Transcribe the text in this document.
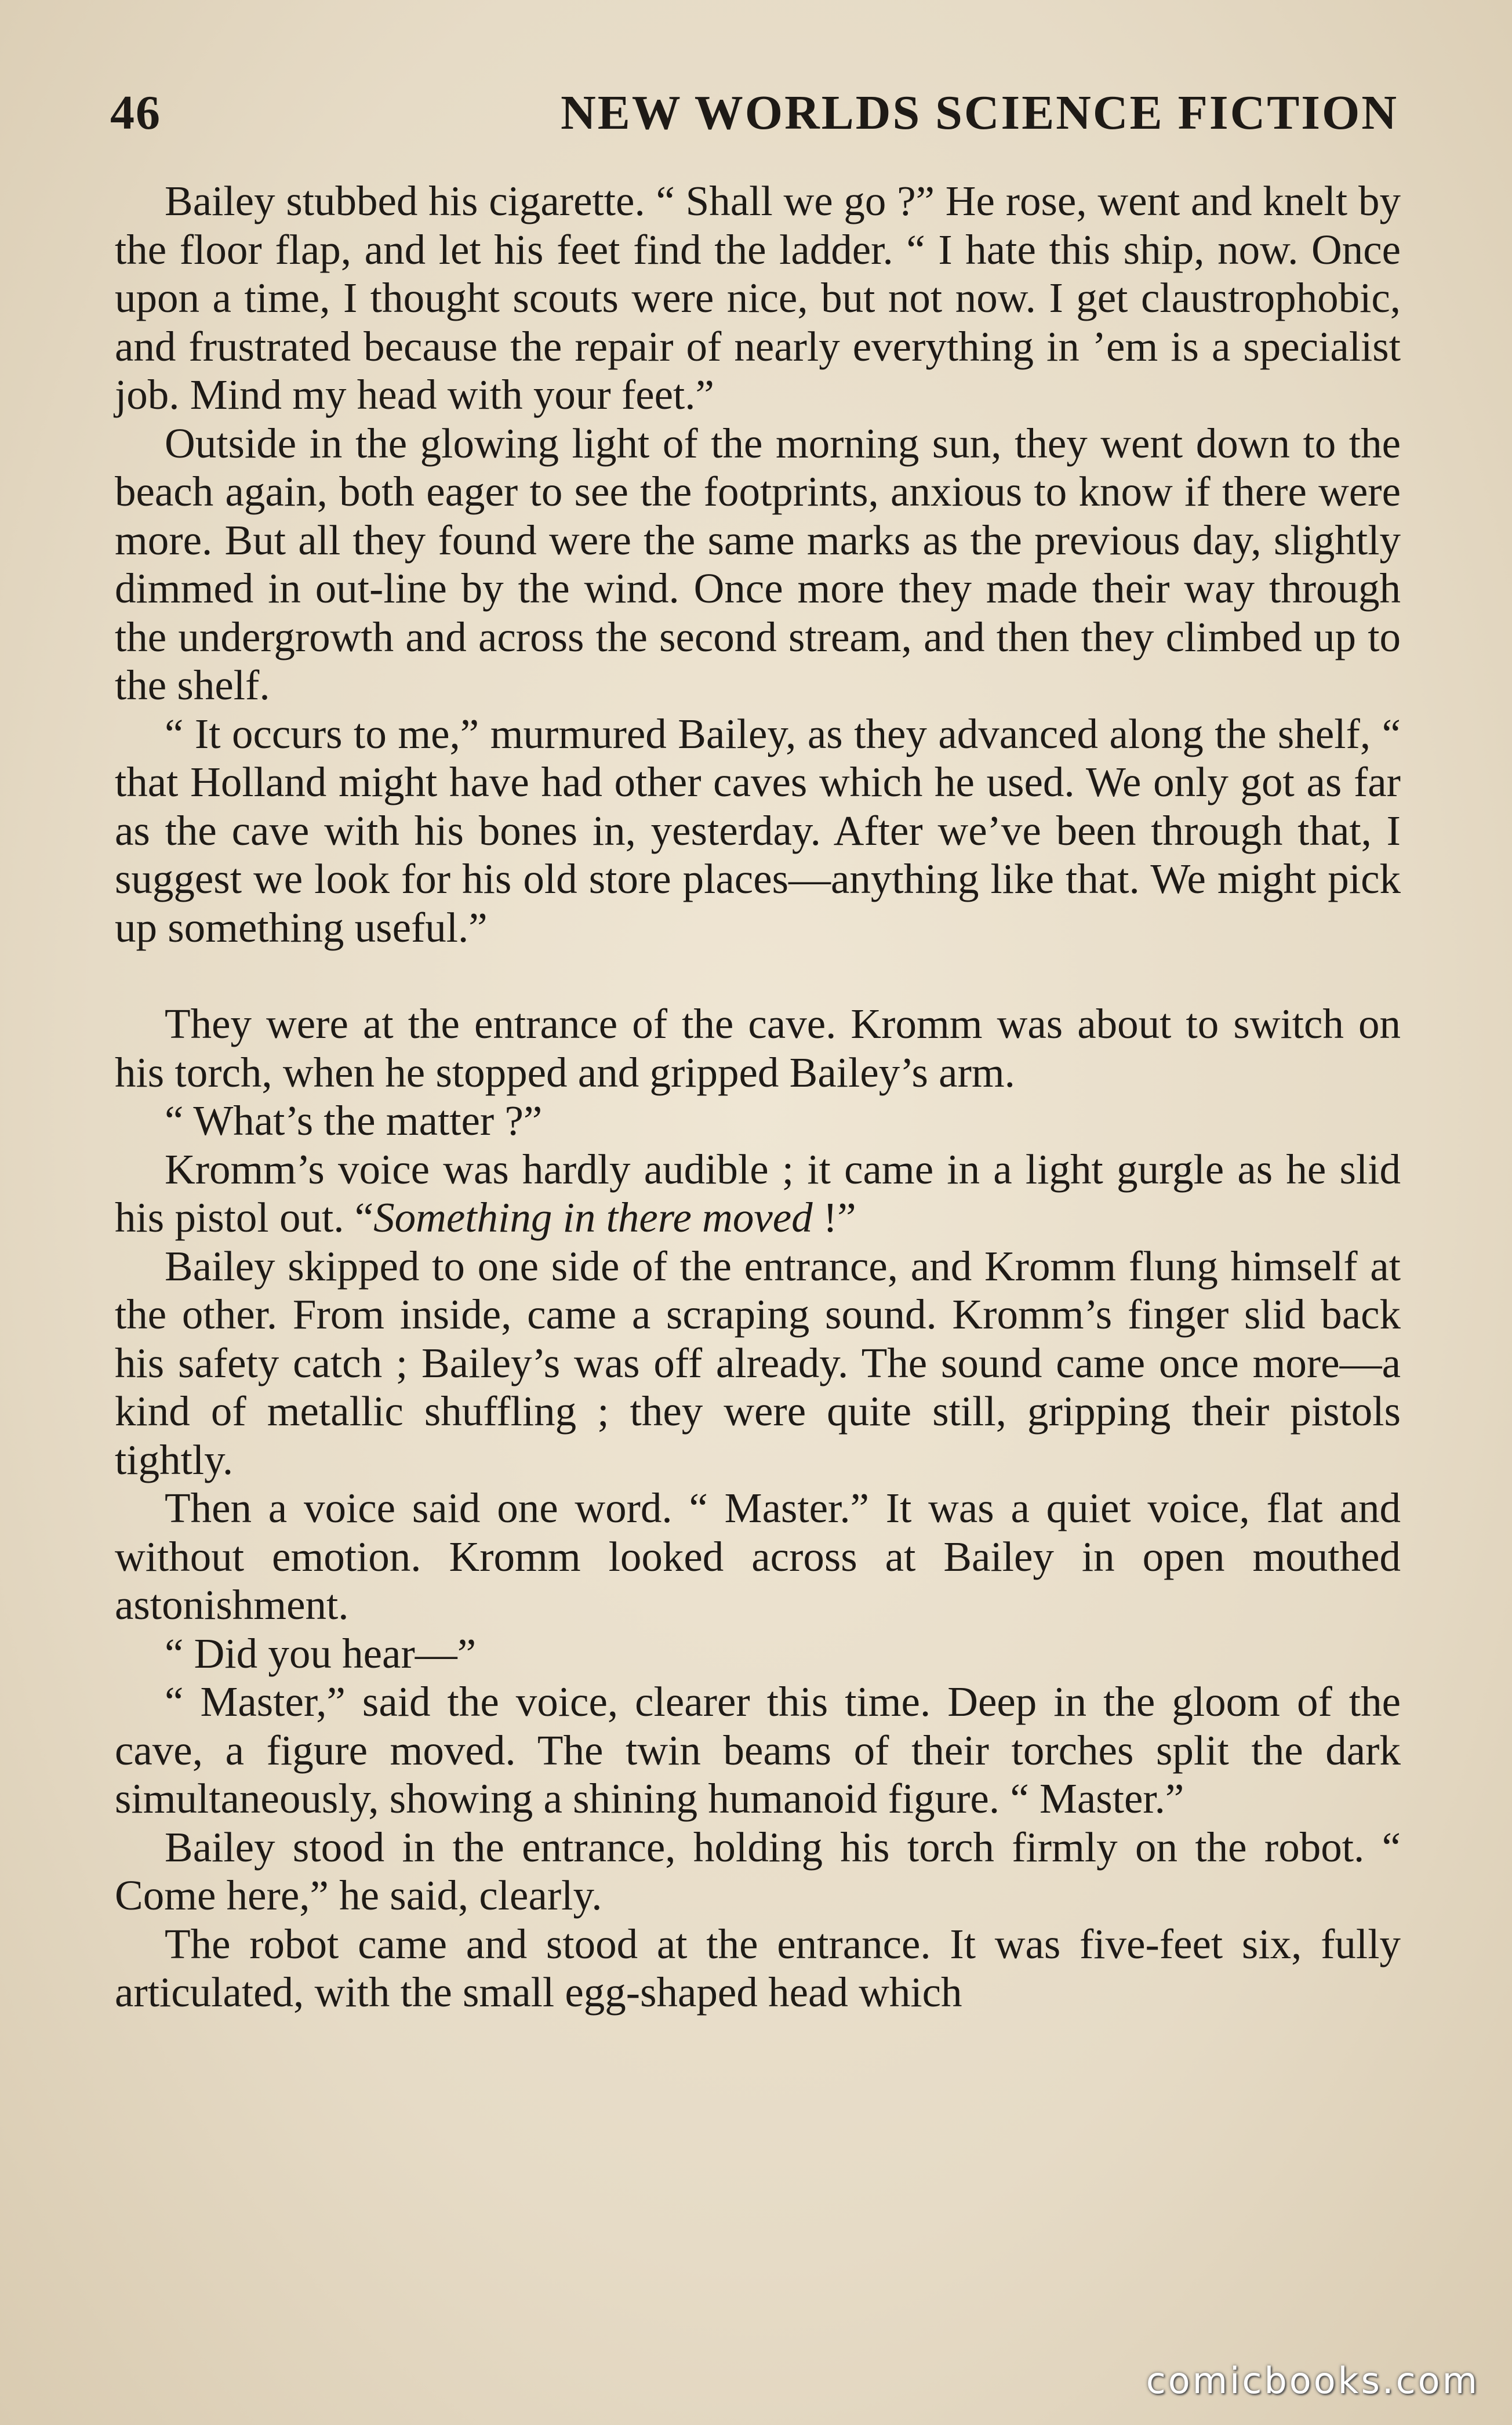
46	NEW WORLDS SCIENCE FICTION

Bailey stubbed his cigarette. “ Shall we go ?” He rose, went and knelt by the floor flap, and let his feet find the ladder. “ I hate this ship, now. Once upon a time, I thought scouts were nice, but not now. I get claustrophobic, and frustrated because the repair of nearly everything in ’em is a specialist job. Mind my head with your feet.”

Outside in the glowing light of the morning sun, they went down to the beach again, both eager to see the footprints, anxious to know if there were more. But all they found were the same marks as the previous day, slightly dimmed in out-line by the wind. Once more they made their way through the undergrowth and across the second stream, and then they climbed up to the shelf.

“ It occurs to me,” murmured Bailey, as they advanced along the shelf, “ that Holland might have had other caves which he used. We only got as far as the cave with his bones in, yesterday. After we’ve been through that, I suggest we look for his old store places—anything like that. We might pick up something useful.”

They were at the entrance of the cave. Kromm was about to switch on his torch, when he stopped and gripped Bailey’s arm.

“ What’s the matter ?”

Kromm’s voice was hardly audible ; it came in a light gurgle as he slid his pistol out. “Something in there moved !”

Bailey skipped to one side of the entrance, and Kromm flung himself at the other. From inside, came a scraping sound. Kromm’s finger slid back his safety catch ; Bailey’s was off already. The sound came once more—a kind of metallic shuffling ; they were quite still, gripping their pistols tightly.

Then a voice said one word. “ Master.” It was a quiet voice, flat and without emotion. Kromm looked across at Bailey in open mouthed astonishment.

“ Did you hear—”

“ Master,” said the voice, clearer this time. Deep in the gloom of the cave, a figure moved. The twin beams of their torches split the dark simultaneously, showing a shining humanoid figure. “ Master.”

Bailey stood in the entrance, holding his torch firmly on the robot. “ Come here,” he said, clearly.

The robot came and stood at the entrance. It was five-feet six, fully articulated, with the small egg-shaped head which

comicbooks.com
